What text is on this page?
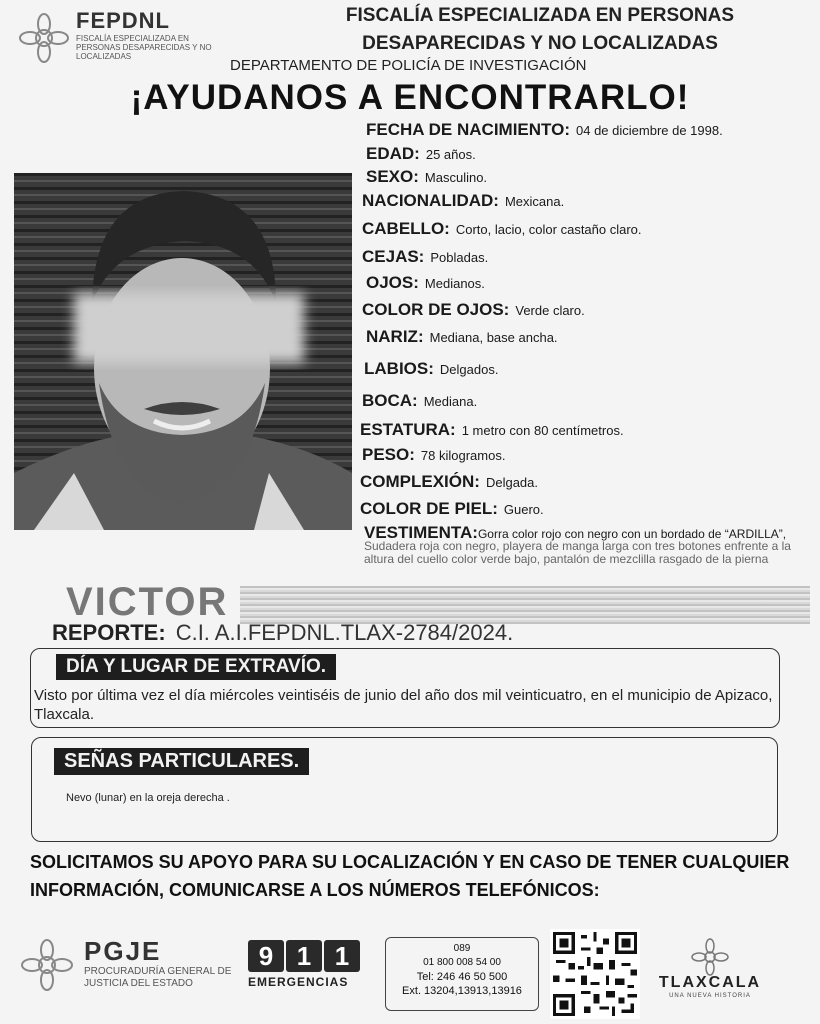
FEPDNL
FISCALÍA ESPECIALIZADA EN PERSONAS DESAPARECIDAS Y NO LOCALIZADAS
FISCALÍA ESPECIALIZADA EN PERSONAS
DESAPARECIDAS Y NO LOCALIZADAS
DEPARTAMENTO DE POLICÍA DE INVESTIGACIÓN
¡AYUDANOS A ENCONTRARLO!
FECHA DE NACIMIENTO: 04 de diciembre de 1998.
EDAD: 25 años.
SEXO: Masculino.
NACIONALIDAD: Mexicana.
CABELLO: Corto, lacio, color castaño claro.
CEJAS: Pobladas.
OJOS: Medianos.
COLOR DE OJOS: Verde claro.
NARIZ: Mediana, base ancha.
LABIOS: Delgados.
BOCA: Mediana.
ESTATURA: 1 metro con 80 centímetros.
PESO: 78 kilogramos.
COMPLEXIÓN: Delgada.
COLOR DE PIEL: Guero.
VESTIMENTA:Gorra color rojo con negro con un bordado de “ARDILLA”,
Sudadera roja con negro, playera de manga larga con tres botones enfrente a la altura del cuello color verde bajo, pantalón de mezclilla rasgado de la pierna
VICTOR
REPORTE: C.I. A.I.FEPDNL.TLAX-2784/2024.
DÍA Y LUGAR DE EXTRAVÍO.
Visto por última vez el día miércoles veintiséis de junio del año dos mil veinticuatro, en el municipio de Apizaco, Tlaxcala.
SEÑAS PARTICULARES.
Nevo (lunar) en la oreja derecha .
SOLICITAMOS SU APOYO PARA SU LOCALIZACIÓN Y EN CASO DE TENER CUALQUIER
INFORMACIÓN, COMUNICARSE A LOS NÚMEROS TELEFÓNICOS:
PGJE
PROCURADURÍA GENERAL DE JUSTICIA DEL ESTADO
9 1 1
EMERGENCIAS
089
01 800 008 54 00
Tel: 246 46 50 500
Ext. 13204,13913,13916	TLAXCALA
UNA NUEVA HISTORIA
